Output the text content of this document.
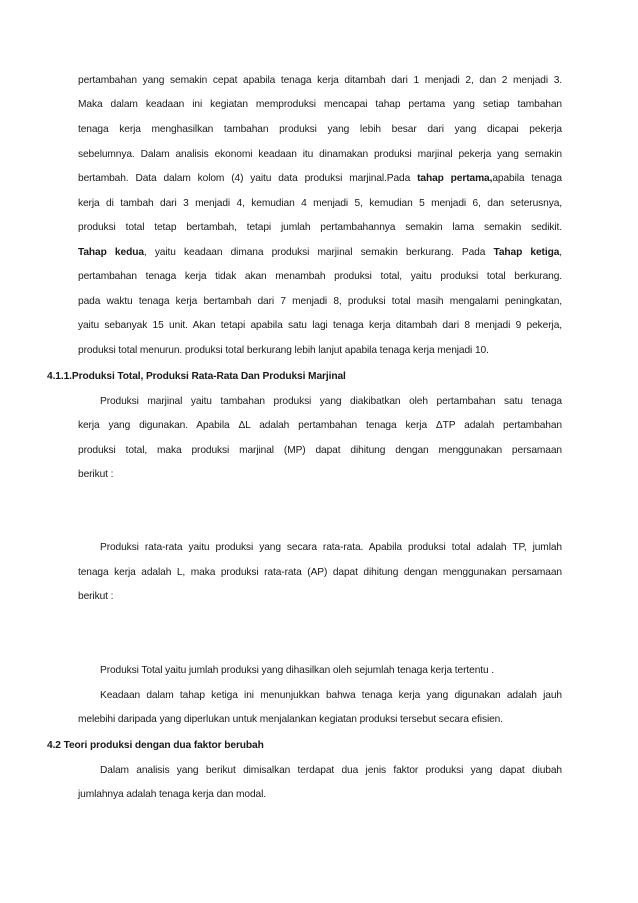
pertambahan yang semakin cepat apabila tenaga kerja ditambah dari 1 menjadi 2, dan 2 menjadi 3.
Maka dalam keadaan ini kegiatan memproduksi mencapai tahap pertama yang setiap tambahan
tenaga kerja menghasilkan tambahan produksi yang lebih besar dari yang dicapai pekerja
sebelumnya. Dalam analisis ekonomi keadaan itu dinamakan produksi marjinal pekerja yang semakin
bertambah. Data dalam kolom (4) yaitu data produksi marjinal.Pada tahap pertama,apabila tenaga
kerja di tambah dari 3 menjadi 4, kemudian 4 menjadi 5, kemudian 5 menjadi 6, dan seterusnya,
produksi total tetap bertambah, tetapi jumlah pertambahannya semakin lama semakin sedikit.
Tahap kedua, yaitu keadaan dimana produksi marjinal semakin berkurang. Pada Tahap ketiga,
pertambahan tenaga kerja tidak akan menambah produksi total, yaitu produksi total berkurang.
pada waktu tenaga kerja bertambah dari 7 menjadi 8, produksi total masih mengalami peningkatan,
yaitu sebanyak 15 unit. Akan tetapi apabila satu lagi tenaga kerja ditambah dari 8 menjadi 9 pekerja,
produksi total menurun. produksi total berkurang lebih lanjut apabila tenaga kerja menjadi 10.
4.1.1.Produksi Total, Produksi Rata-Rata Dan Produksi Marjinal
Produksi marjinal yaitu tambahan produksi yang diakibatkan oleh pertambahan satu tenaga
kerja yang digunakan. Apabila ΔL adalah pertambahan tenaga kerja ΔTP adalah pertambahan
produksi total, maka produksi marjinal (MP) dapat dihitung dengan menggunakan persamaan
berikut :
Produksi rata-rata yaitu produksi yang secara rata-rata. Apabila produksi total adalah TP, jumlah
tenaga kerja adalah L, maka produksi rata-rata (AP) dapat dihitung dengan menggunakan persamaan
berikut :
Produksi Total yaitu jumlah produksi yang dihasilkan oleh sejumlah tenaga kerja tertentu .
Keadaan dalam tahap ketiga ini menunjukkan bahwa tenaga kerja yang digunakan adalah jauh
melebihi daripada yang diperlukan untuk menjalankan kegiatan produksi tersebut secara efisien.
4.2 Teori produksi dengan dua faktor berubah
Dalam analisis yang berikut dimisalkan terdapat dua jenis faktor produksi yang dapat diubah
jumlahnya adalah tenaga kerja dan modal.
